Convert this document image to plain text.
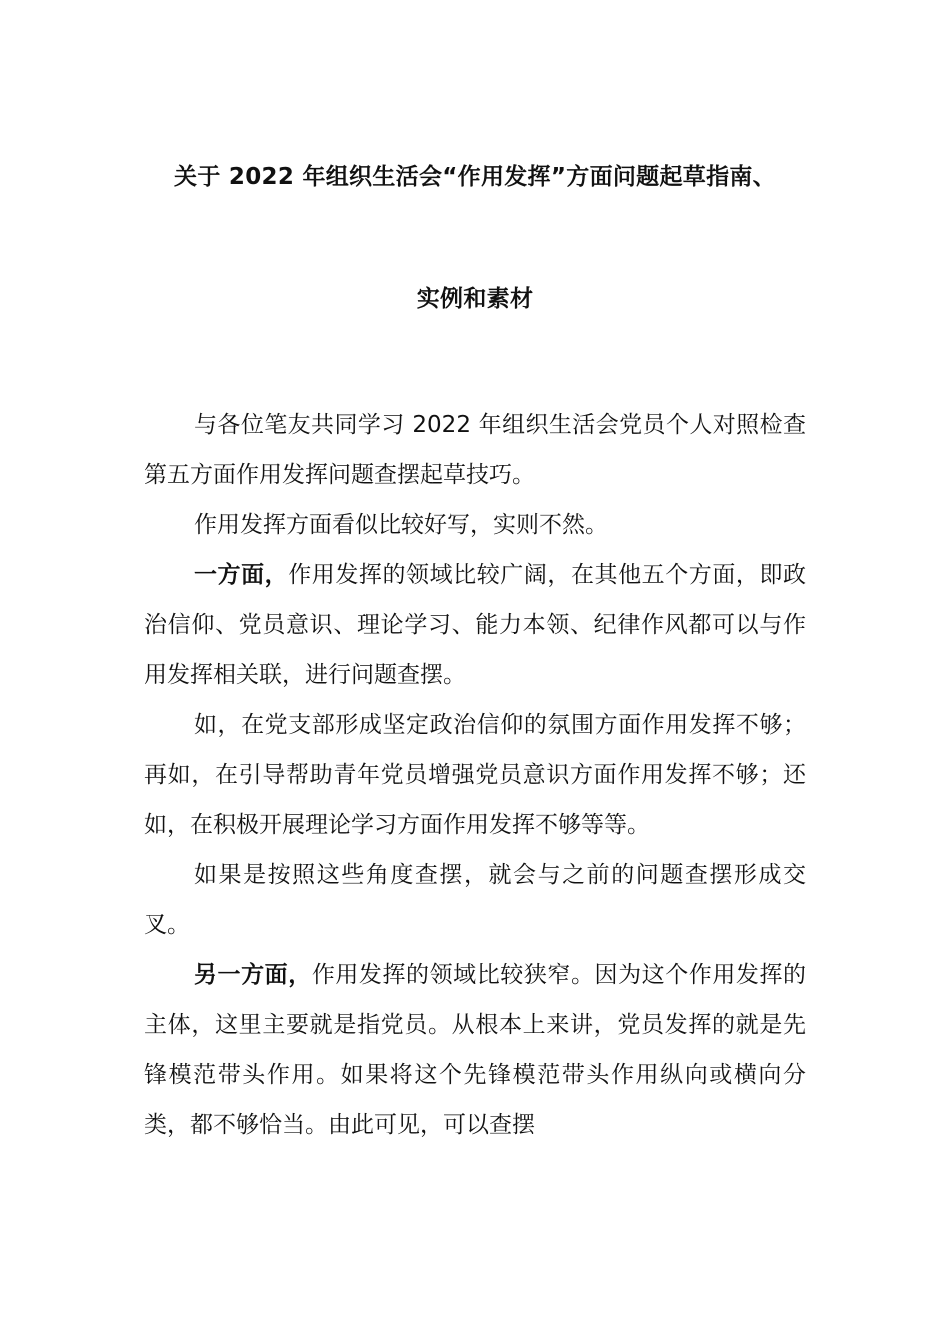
关于 2022 年组织生活会“作用发挥”方面问题起草指南、
实例和素材

与各位笔友共同学习 2022 年组织生活会党员个人对照检查第五方面作用发挥问题查摆起草技巧。

作用发挥方面看似比较好写，实则不然。

一方面，作用发挥的领域比较广阔，在其他五个方面，即政治信仰、党员意识、理论学习、能力本领、纪律作风都可以与作用发挥相关联，进行问题查摆。

如，在党支部形成坚定政治信仰的氛围方面作用发挥不够；再如，在引导帮助青年党员增强党员意识方面作用发挥不够；还如，在积极开展理论学习方面作用发挥不够等等。

如果是按照这些角度查摆，就会与之前的问题查摆形成交叉。

另一方面，作用发挥的领域比较狭窄。因为这个作用发挥的主体，这里主要就是指党员。从根本上来讲，党员发挥的就是先锋模范带头作用。如果将这个先锋模范带头作用纵向或横向分类，都不够恰当。由此可见，可以查摆
